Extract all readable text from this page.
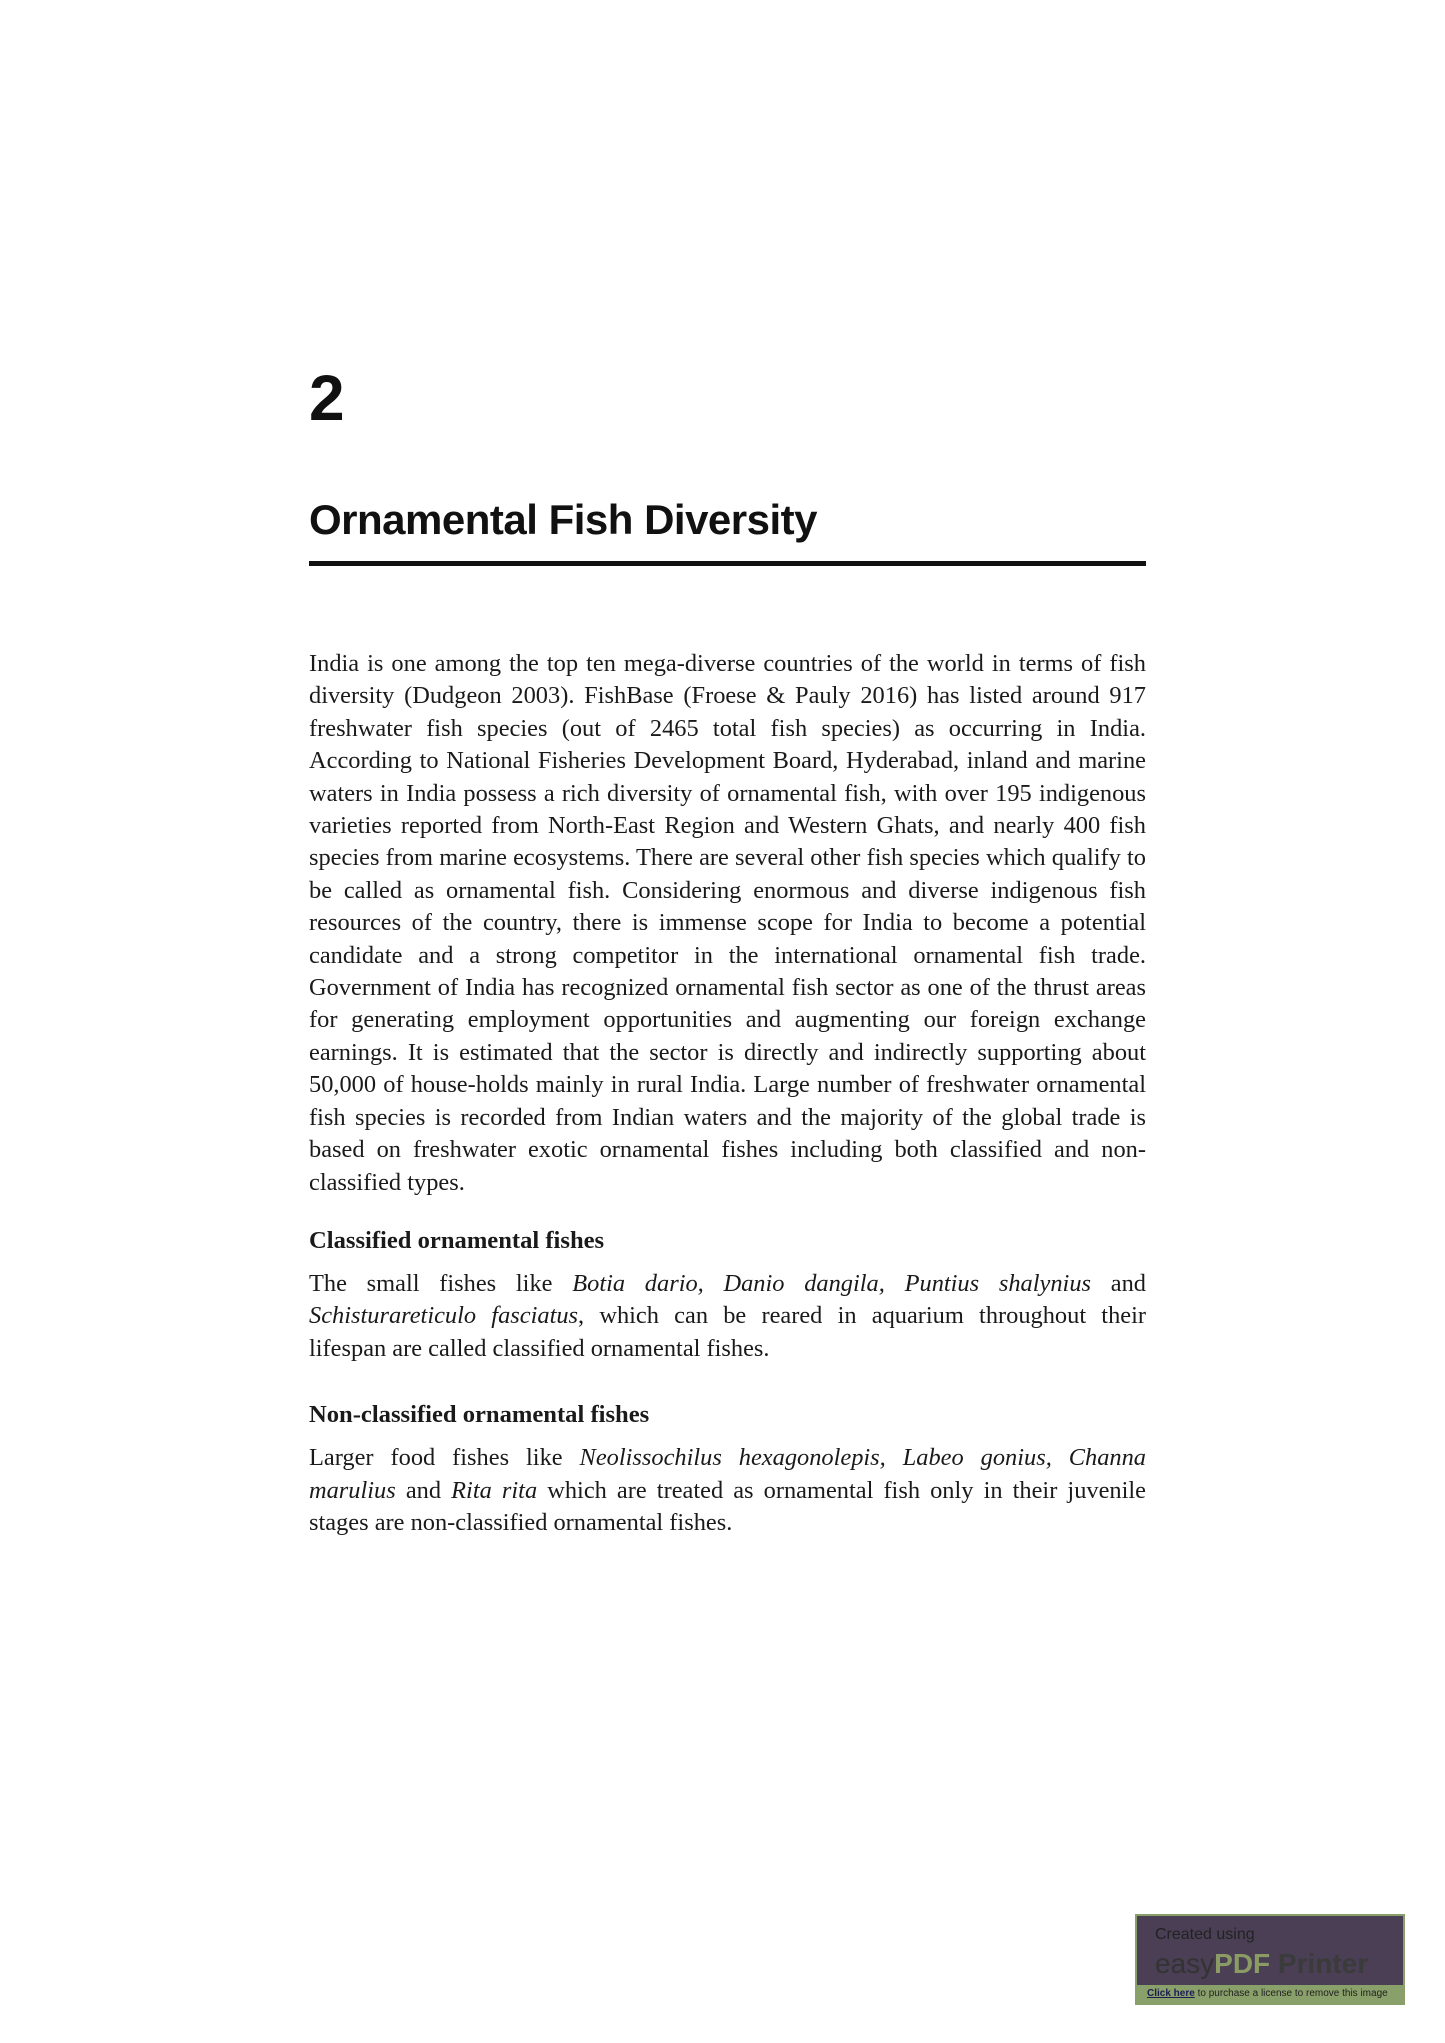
2
Ornamental Fish Diversity

India is one among the top ten mega-diverse countries of the world in terms of fish diversity (Dudgeon 2003). FishBase (Froese & Pauly 2016) has listed around 917 freshwater fish species (out of 2465 total fish species) as occurring in India. According to National Fisheries Development Board, Hyderabad, inland and marine waters in India possess a rich diversity of ornamental fish, with over 195 indigenous varieties reported from North-East Region and Western Ghats, and nearly 400 fish species from marine ecosystems. There are several other fish species which qualify to be called as ornamental fish. Considering enormous and diverse indigenous fish resources of the country, there is immense scope for India to become a potential candidate and a strong competitor in the international ornamental fish trade. Government of India has recognized ornamental fish sector as one of the thrust areas for generating employment opportunities and augmenting our foreign exchange earnings. It is estimated that the sector is directly and indirectly supporting about 50,000 of house-holds mainly in rural India. Large number of freshwater ornamental fish species is recorded from Indian waters and the majority of the global trade is based on freshwater exotic ornamental fishes including both classified and non-classified types.

Classified ornamental fishes

The small fishes like Botia dario, Danio dangila, Puntius shalynius and Schisturareticulo fasciatus, which can be reared in aquarium throughout their lifespan are called classified ornamental fishes.

Non-classified ornamental fishes

Larger food fishes like Neolissochilus hexagonolepis, Labeo gonius, Channa marulius and Rita rita which are treated as ornamental fish only in their juvenile stages are non-classified ornamental fishes.

Created using
easyPDF Printer
Click here to purchase a license to remove this image
